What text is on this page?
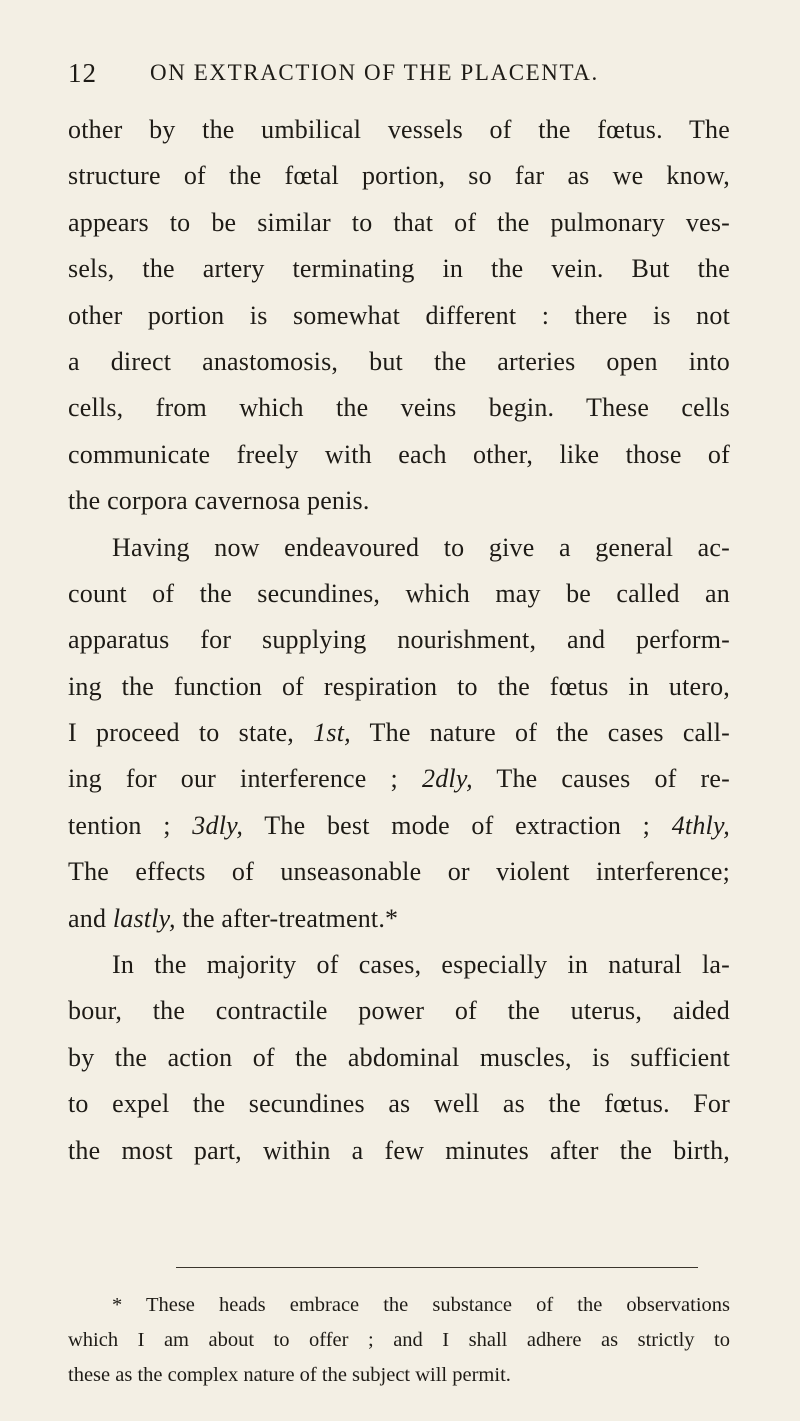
12 ON EXTRACTION OF THE PLACENTA.
other by the umbilical vessels of the fœtus. The
structure of the fœtal portion, so far as we know,
appears to be similar to that of the pulmonary ves-
sels, the artery terminating in the vein. But the
other portion is somewhat different : there is not
a direct anastomosis, but the arteries open into
cells, from which the veins begin. These cells
communicate freely with each other, like those of
the corpora cavernosa penis.
Having now endeavoured to give a general ac-
count of the secundines, which may be called an
apparatus for supplying nourishment, and perform-
ing the function of respiration to the fœtus in utero,
I proceed to state, 1st, The nature of the cases call-
ing for our interference ; 2dly, The causes of re-
tention ; 3dly, The best mode of extraction ; 4thly,
The effects of unseasonable or violent interference;
and lastly, the after-treatment.*
In the majority of cases, especially in natural la-
bour, the contractile power of the uterus, aided
by the action of the abdominal muscles, is sufficient
to expel the secundines as well as the fœtus. For
the most part, within a few minutes after the birth,
* These heads embrace the substance of the observations
which I am about to offer ; and I shall adhere as strictly to
these as the complex nature of the subject will permit.
